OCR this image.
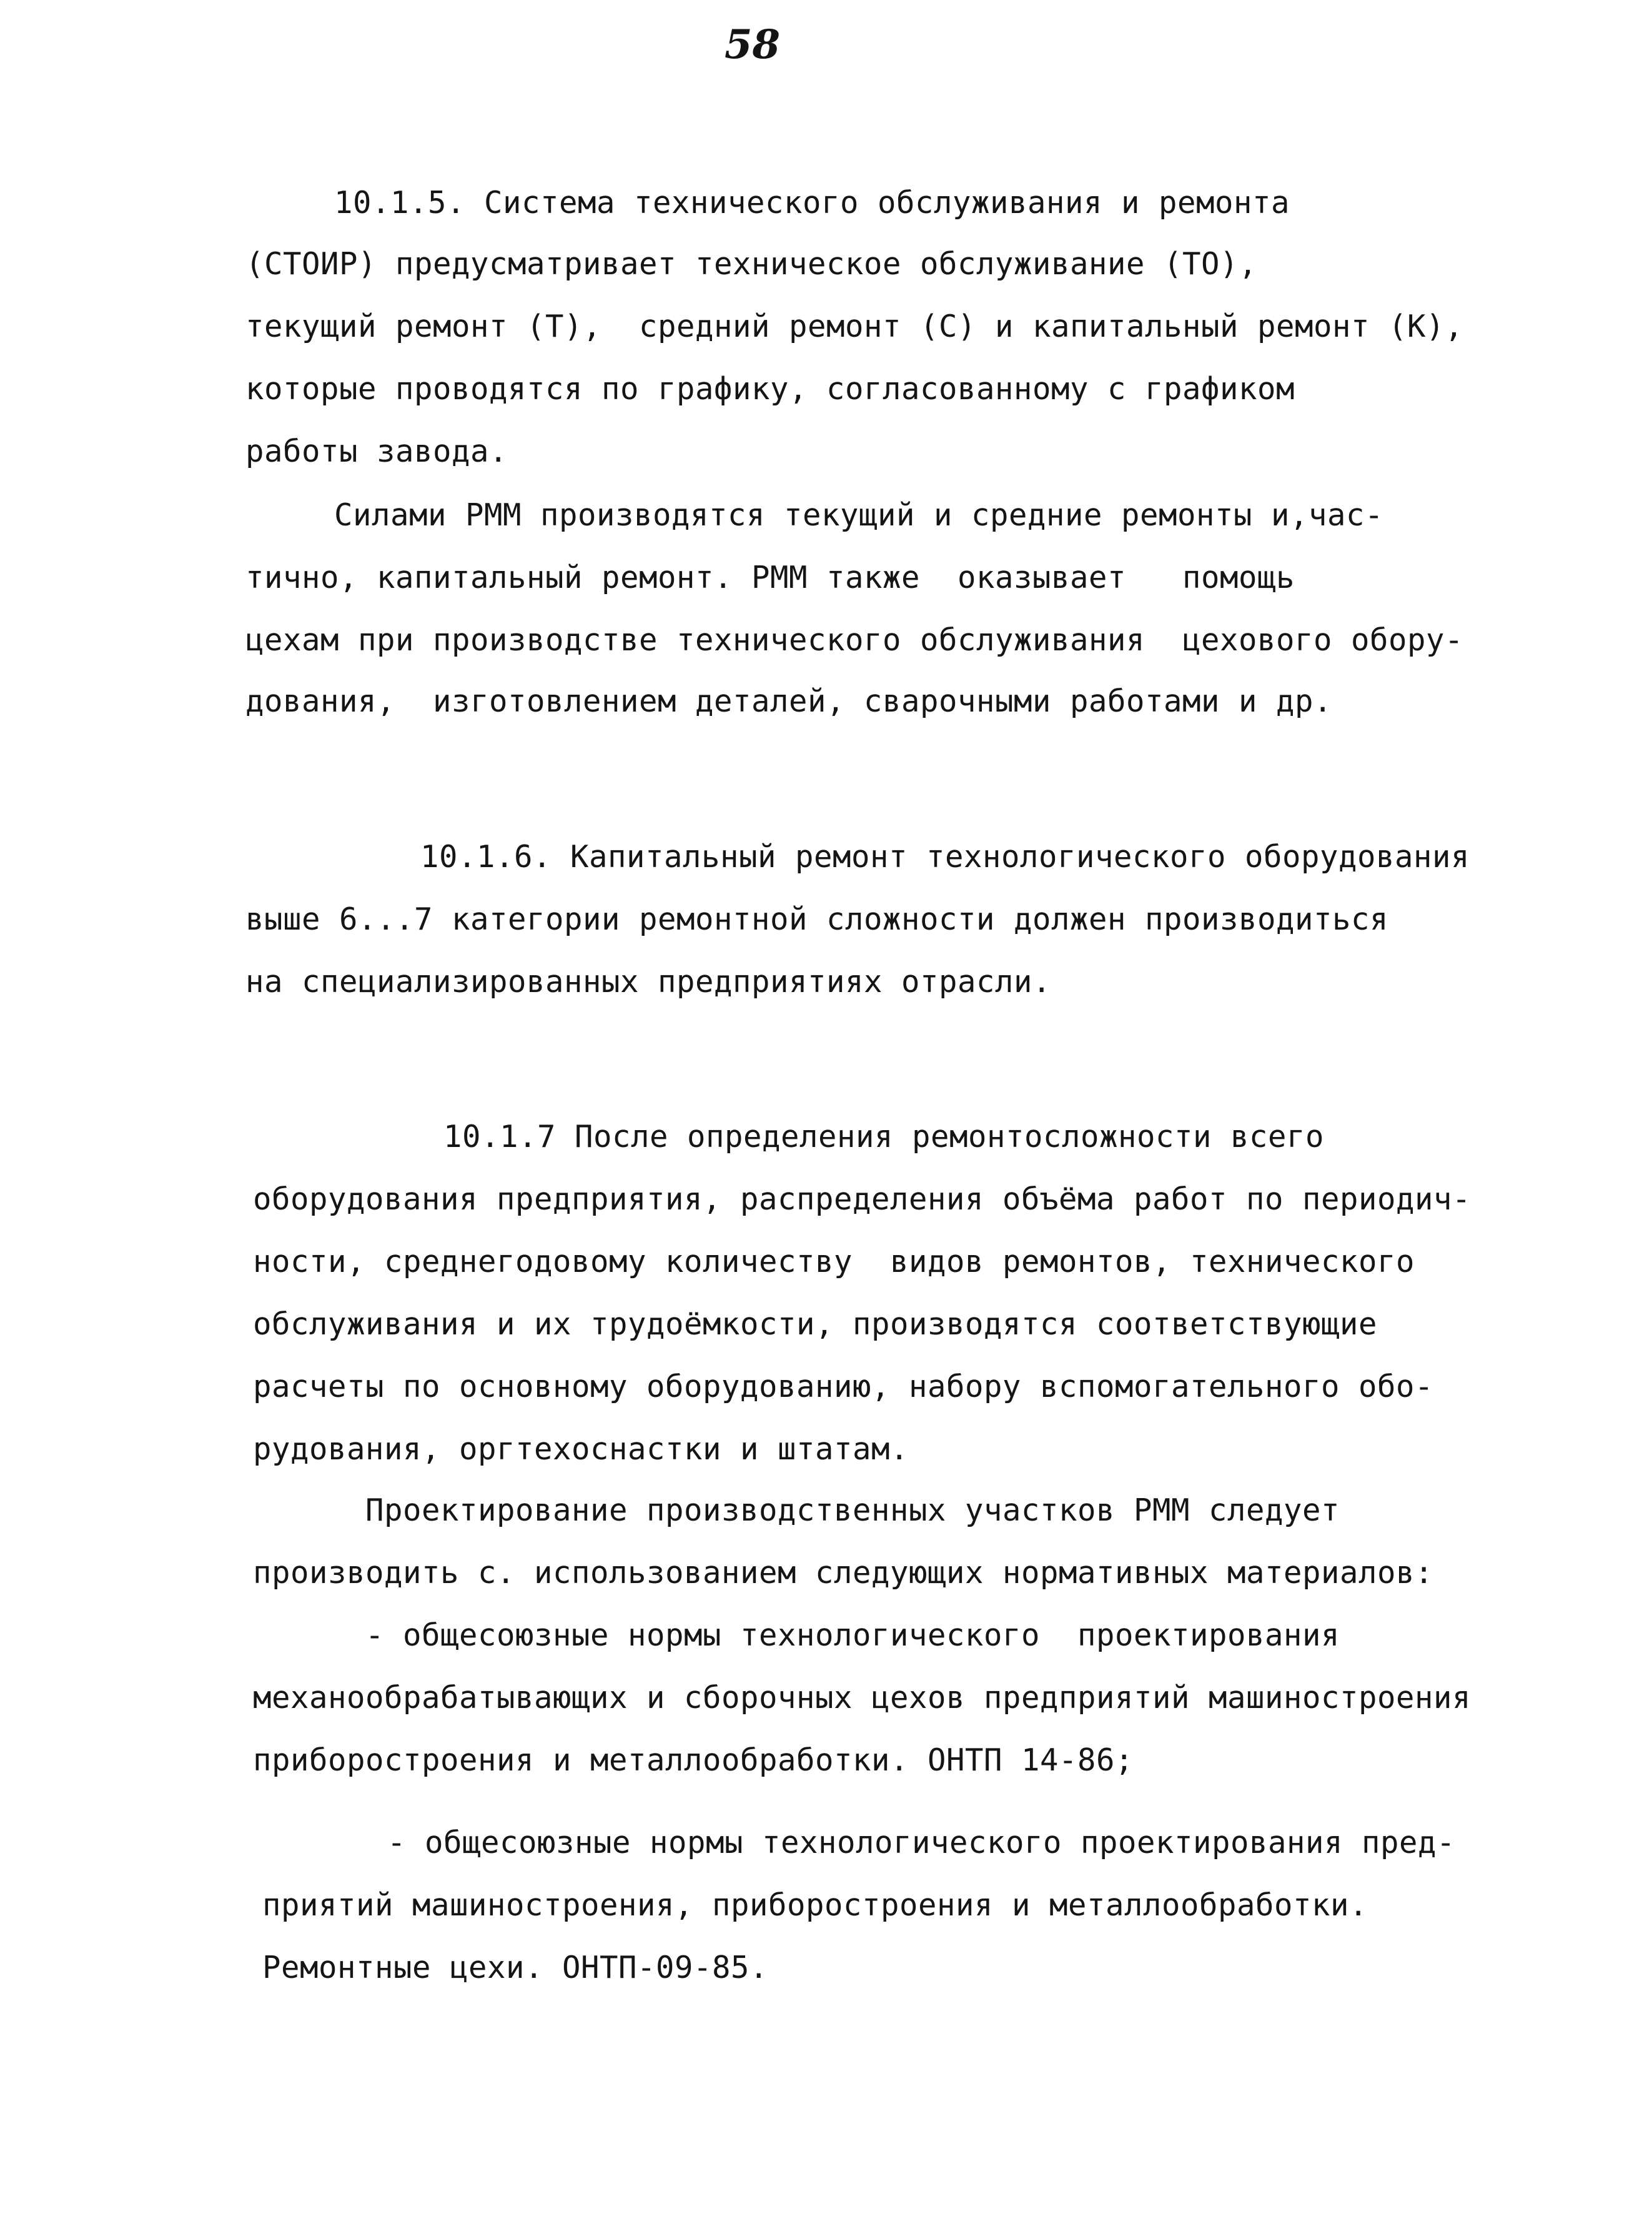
58
10.1.5. Система технического обслуживания и ремонта
(СТОИР) предусматривает техническое обслуживание (ТО),
текущий ремонт (Т),  средний ремонт (С) и капитальный ремонт (К),
которые проводятся по графику, согласованному с графиком
работы завода.
Силами РММ производятся текущий и средние ремонты и,час-
тично, капитальный ремонт. РММ также  оказывает   помощь
цехам при производстве технического обслуживания  цехового обору-
дования,  изготовлением деталей, сварочными работами и др.
10.1.6. Капитальный ремонт технологического оборудования
выше 6...7 категории ремонтной сложности должен производиться
на специализированных предприятиях отрасли.
10.1.7 После определения ремонтосложности всего
оборудования предприятия, распределения объёма работ по периодич-
ности, среднегодовому количеству  видов ремонтов, технического
обслуживания и их трудоёмкости, производятся соответствующие
расчеты по основному оборудованию, набору вспомогательного обо-
рудования, оргтехоснастки и штатам.
Проектирование производственных участков РММ следует
производить с. использованием следующих нормативных материалов:
- общесоюзные нормы технологического  проектирования
механообрабатывающих и сборочных цехов предприятий машиностроения
приборостроения и металлообработки. ОНТП 14-86;
- общесоюзные нормы технологического проектирования пред-
приятий машиностроения, приборостроения и металлообработки.
Ремонтные цехи. ОНТП-09-85.
